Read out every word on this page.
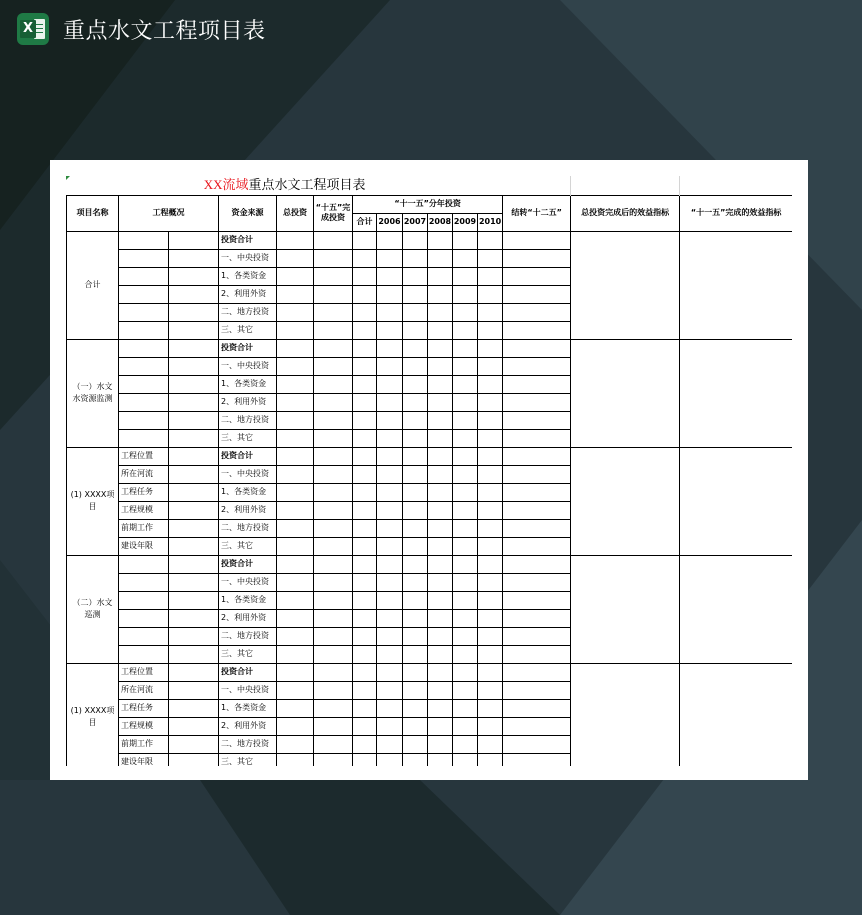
X 重点水文工程项目表
XX流域重点水文工程项目表														
项目名称	工程概况		资金来源	总投资	“十五”完成投资	“十一五”分年投资						结转“十二五”	总投资完成后的效益指标	“十一五”完成的效益指标
						合计	2006	2007	2008	2009	2010			
合计			投资合计											
			一、中央投资											
			1、各类资金											
			2、利用外资											
			二、地方投资											
			三、其它											
（一）水文水资源监测			投资合计											
			一、中央投资											
			1、各类资金											
			2、利用外资											
			二、地方投资											
			三、其它											
(1) XXXX项目	工程位置		投资合计											
	所在河流		一、中央投资											
	工程任务		1、各类资金											
	工程规模		2、利用外资											
	前期工作		二、地方投资											
	建设年限		三、其它											
（二）水文巡测			投资合计											
			一、中央投资											
			1、各类资金											
			2、利用外资											
			二、地方投资											
			三、其它											
(1) XXXX项目	工程位置		投资合计											
	所在河流		一、中央投资											
	工程任务		1、各类资金											
	工程规模		2、利用外资											
	前期工作		二、地方投资											
	建设年限		三、其它											
